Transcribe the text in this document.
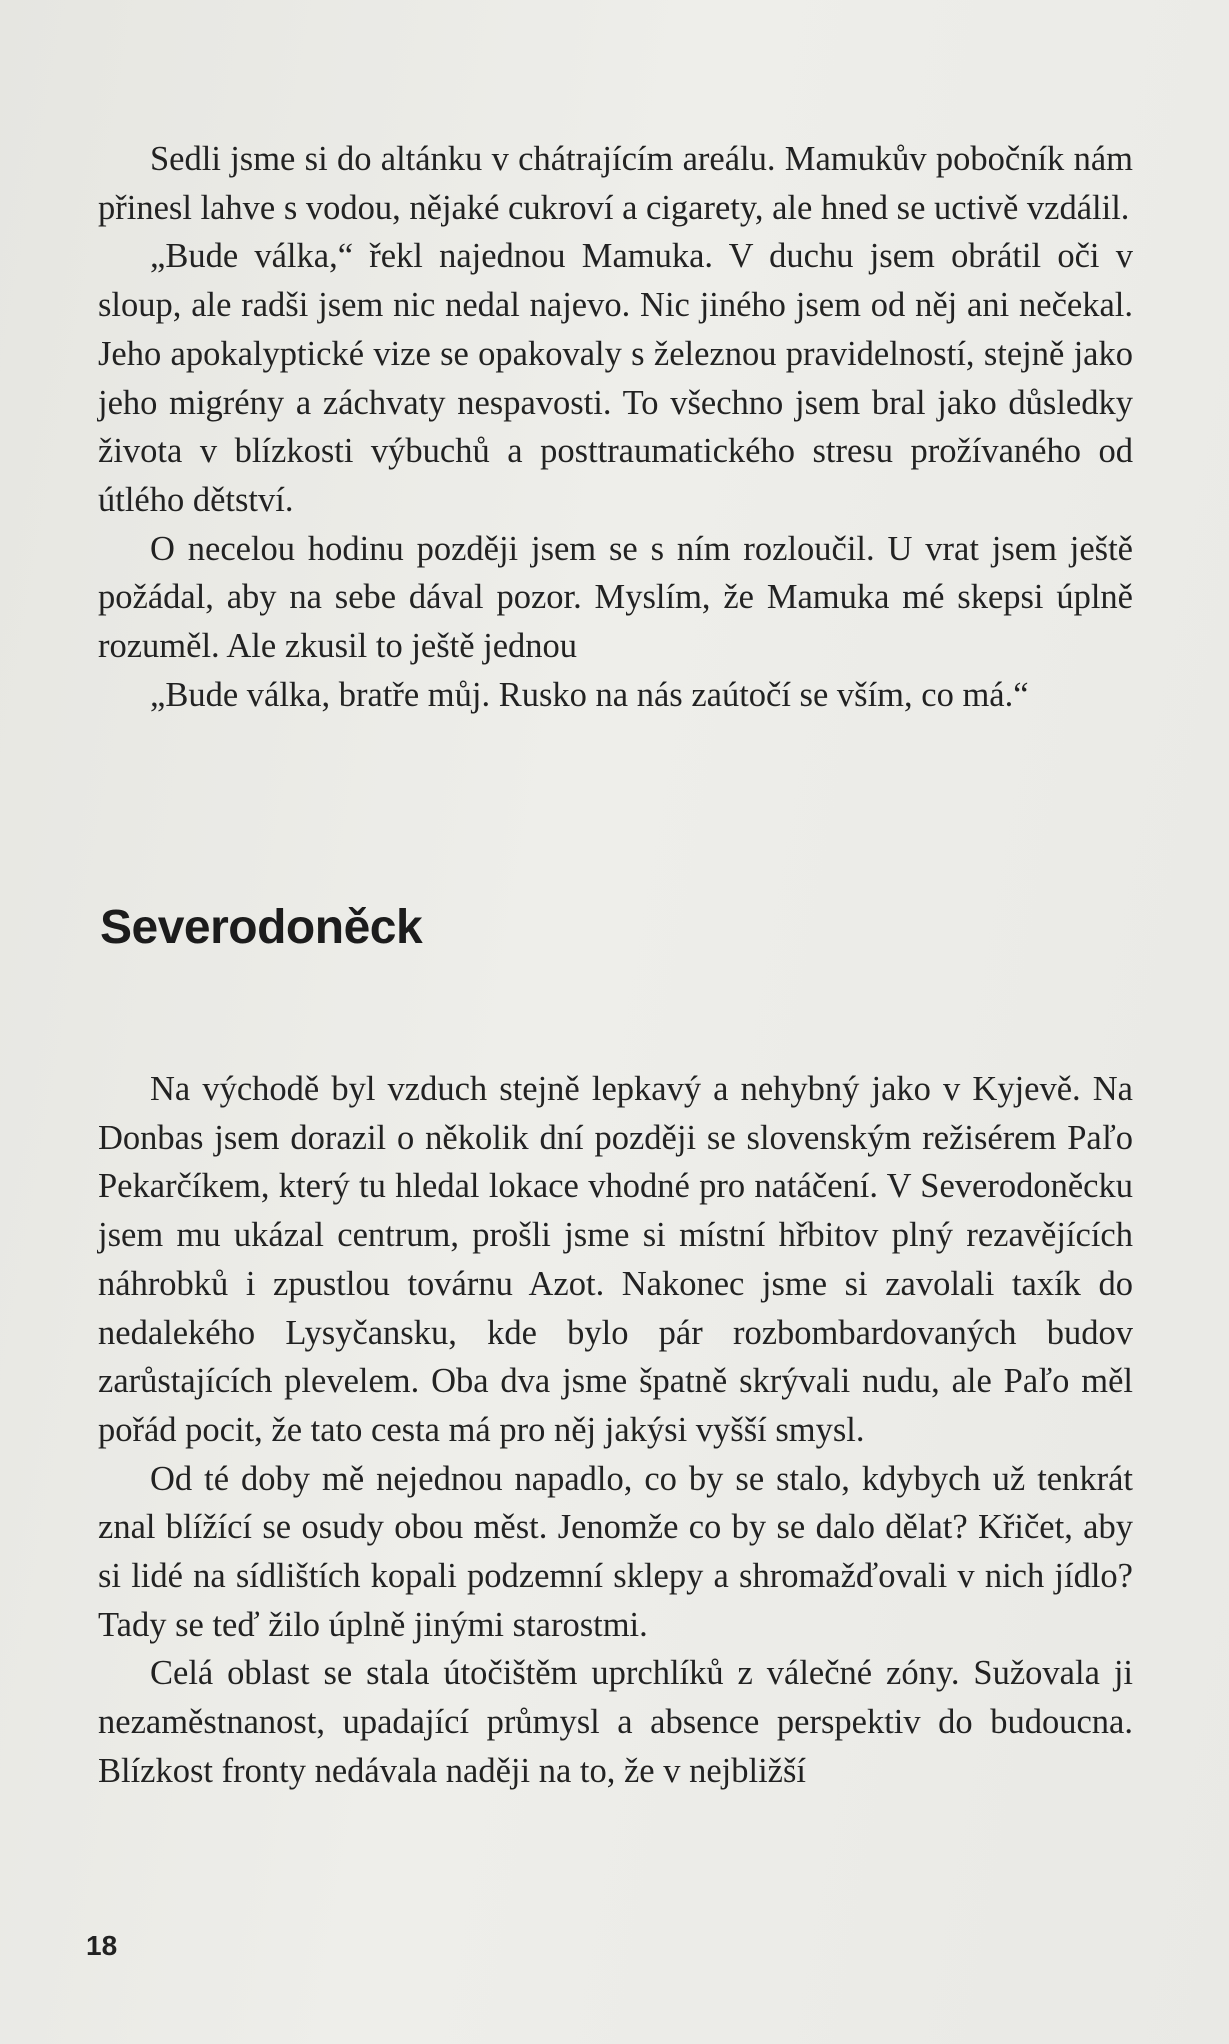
Sedli jsme si do altánku v chátrajícím areálu. Mamukův pobočník nám přinesl lahve s vodou, nějaké cukroví a cigarety, ale hned se uctivě vzdálil.

„Bude válka,“ řekl najednou Mamuka. V duchu jsem obrátil oči v sloup, ale radši jsem nic nedal najevo. Nic jiného jsem od něj ani nečekal. Jeho apokalyptické vize se opakovaly s železnou pravidelností, stejně jako jeho migrény a záchvaty nespavosti. To všechno jsem bral jako důsledky života v blízkosti výbuchů a posttraumatického stresu prožívaného od útlého dětství.

O necelou hodinu později jsem se s ním rozloučil. U vrat jsem ještě požádal, aby na sebe dával pozor. Myslím, že Mamuka mé skepsi úplně rozuměl. Ale zkusil to ještě jednou

„Bude válka, bratře můj. Rusko na nás zaútočí se vším, co má.“

Severodoněck

Na východě byl vzduch stejně lepkavý a nehybný jako v Kyjevě. Na Donbas jsem dorazil o několik dní později se slovenským režisérem Paľo Pekarčíkem, který tu hledal lokace vhodné pro natáčení. V Severodoněcku jsem mu ukázal centrum, prošli jsme si místní hřbitov plný rezavějících náhrobků i zpustlou továrnu Azot. Nakonec jsme si zavolali taxík do nedalekého Lysyčansku, kde bylo pár rozbombardovaných budov zarůstajících plevelem. Oba dva jsme špatně skrývali nudu, ale Paľo měl pořád pocit, že tato cesta má pro něj jakýsi vyšší smysl.

Od té doby mě nejednou napadlo, co by se stalo, kdybych už tenkrát znal blížící se osudy obou měst. Jenomže co by se dalo dělat? Křičet, aby si lidé na sídlištích kopali podzemní sklepy a shromažďovali v nich jídlo? Tady se teď žilo úplně jinými starostmi.

Celá oblast se stala útočištěm uprchlíků z válečné zóny. Sužovala ji nezaměstnanost, upadající průmysl a absence perspektiv do budoucna. Blízkost fronty nedávala naději na to, že v nejbližší

18
